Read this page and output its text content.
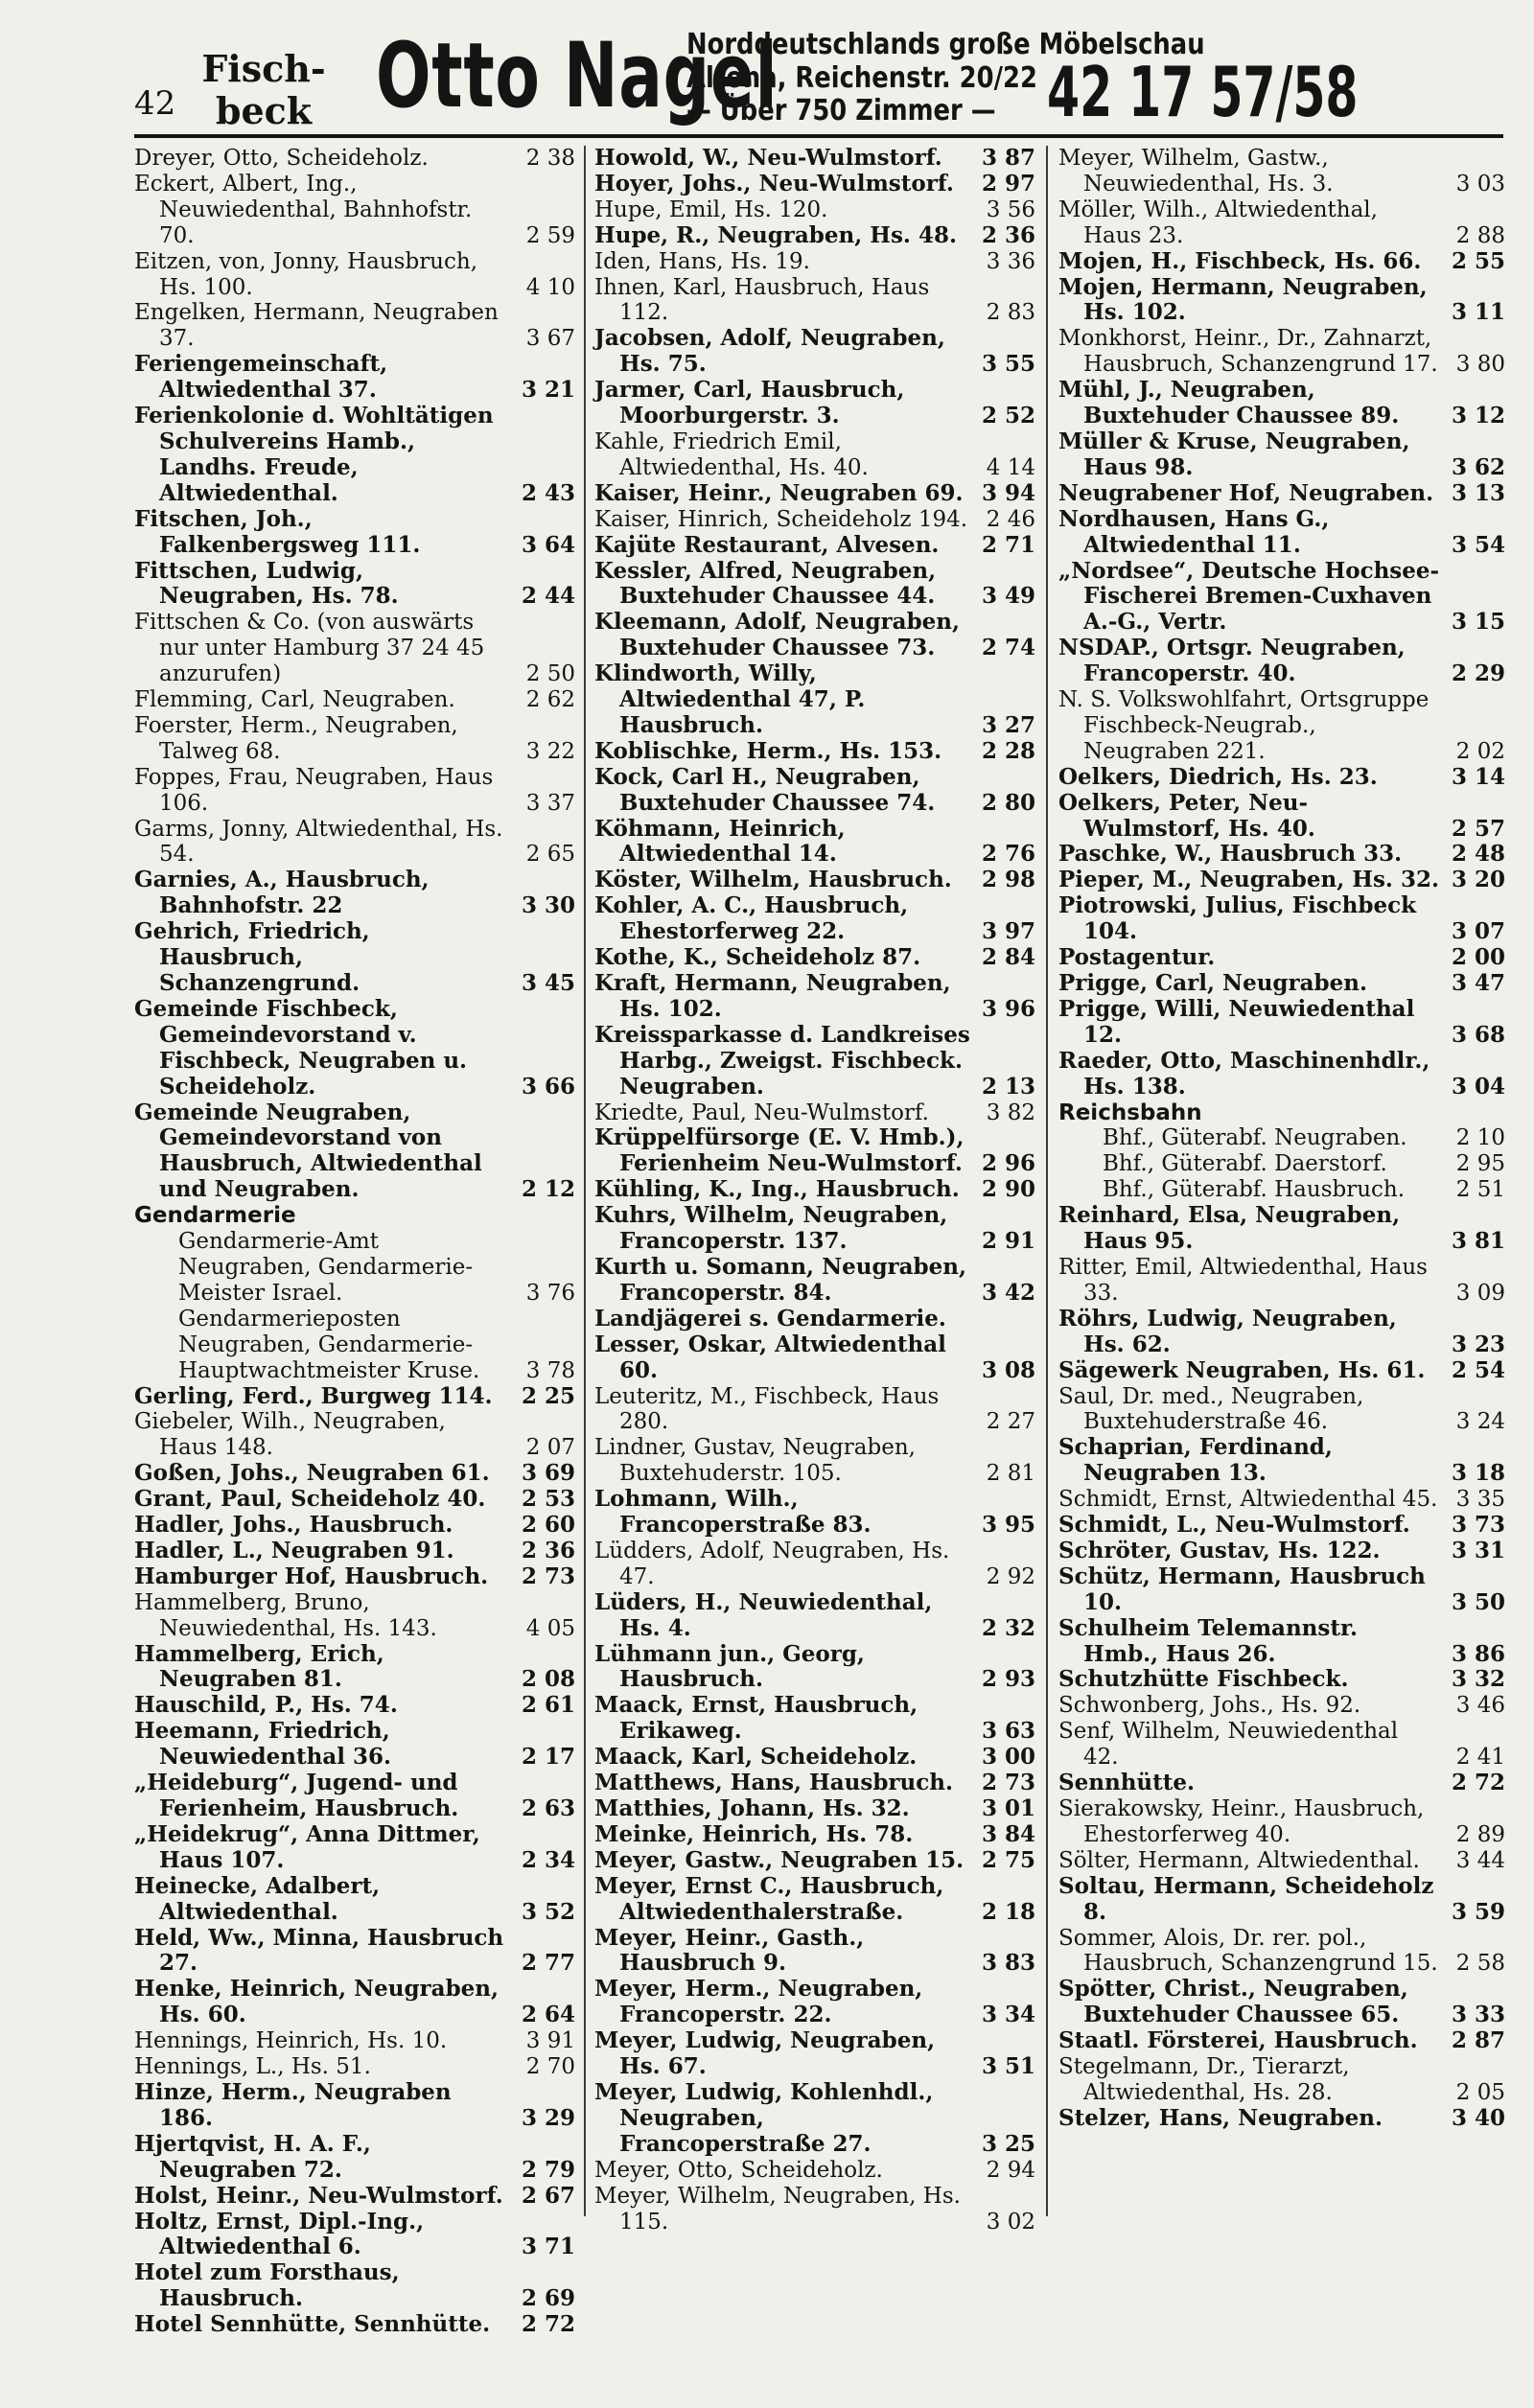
42
Fisch-
beck Otto Nagel
Norddeutschlands große Möbelschau
Altona, Reichenstr. 20/22
— Über 750 Zimmer — 42 17 57/58
Dreyer, Otto, Scheideholz.	2 38
Eckert, Albert, Ing., Neuwiedenthal, Bahnhofstr. 70.	2 59
Eitzen, von, Jonny, Hausbruch, Hs. 100.	4 10
Engelken, Hermann, Neugraben 37.	3 67
Feriengemeinschaft, Altwiedenthal 37.	3 21
Ferienkolonie d. Wohltätigen Schulvereins Hamb., Landhs. Freude, Altwiedenthal.	2 43
Fitschen, Joh., Falkenbergsweg 111.	3 64
Fittschen, Ludwig, Neugraben, Hs. 78.	2 44
Fittschen & Co. (von auswärts nur unter Hamburg 37 24 45 anzurufen)	2 50
Flemming, Carl, Neugraben.	2 62
Foerster, Herm., Neugraben, Talweg 68.	3 22
Foppes, Frau, Neugraben, Haus 106.	3 37
Garms, Jonny, Altwiedenthal, Hs. 54.	2 65
Garnies, A., Hausbruch, Bahnhofstr. 22	3 30
Gehrich, Friedrich, Hausbruch, Schanzengrund.	3 45
Gemeinde Fischbeck, Gemeindevorstand v. Fischbeck, Neugraben u. Scheideholz.	3 66
Gemeinde Neugraben, Gemeindevorstand von Hausbruch, Altwiedenthal und Neugraben.	2 12
Gendarmerie
Gendarmerie-Amt Neugraben, Gendarmerie-Meister Israel.	3 76
Gendarmerieposten Neugraben, Gendarmerie-Hauptwachtmeister Kruse. 3 78
Gerling, Ferd., Burgweg 114. 2 25
Giebeler, Wilh., Neugraben, Haus 148.	2 07
Goßen, Johs., Neugraben 61. 3 69
Grant, Paul, Scheideholz 40. 2 53
Hadler, Johs., Hausbruch.	2 60
Hadler, L., Neugraben 91.	2 36
Hamburger Hof, Hausbruch. 2 73
Hammelberg, Bruno, Neuwiedenthal, Hs. 143.	4 05
Hammelberg, Erich, Neugraben 81.	2 08
Hauschild, P., Hs. 74.	2 61
Heemann, Friedrich, Neuwiedenthal 36.	2 17
„Heideburg“, Jugend- und Ferienheim, Hausbruch.	2 63
„Heidekrug“, Anna Dittmer, Haus 107.	2 34
Heinecke, Adalbert, Altwiedenthal.	3 52
Held, Ww., Minna, Hausbruch 27.	2 77
Henke, Heinrich, Neugraben, Hs. 60.	2 64
Hennings, Heinrich, Hs. 10.	3 91
Hennings, L., Hs. 51.	2 70
Hinze, Herm., Neugraben 186.	3 29
Hjertqvist, H. A. F., Neugraben 72.	2 79
Holst, Heinr., Neu-Wulmstorf. 2 67
Holtz, Ernst, Dipl.-Ing., Altwiedenthal 6.	3 71
Hotel zum Forsthaus, Hausbruch.	2 69
Hotel Sennhütte, Sennhütte. 2 72
Howold, W., Neu-Wulmstorf. 3 87
Hoyer, Johs., Neu-Wulmstorf. 2 97
Hupe, Emil, Hs. 120.	3 56
Hupe, R., Neugraben, Hs. 48. 2 36
Iden, Hans, Hs. 19.	3 36
Ihnen, Karl, Hausbruch, Haus 112.	2 83
Jacobsen, Adolf, Neugraben, Hs. 75.	3 55
Jarmer, Carl, Hausbruch, Moorburgerstr. 3.	2 52
Kahle, Friedrich Emil, Altwiedenthal, Hs. 40.	4 14
Kaiser, Heinr., Neugraben 69. 3 94
Kaiser, Hinrich, Scheideholz 194. 2 46
Kajüte Restaurant, Alvesen. 2 71
Kessler, Alfred, Neugraben, Buxtehuder Chaussee 44. 3 49
Kleemann, Adolf, Neugraben, Buxtehuder Chaussee 73. 2 74
Klindworth, Willy, Altwiedenthal 47, P. Hausbruch.	3 27
Koblischke, Herm., Hs. 153. 2 28
Kock, Carl H., Neugraben, Buxtehuder Chaussee 74. 2 80
Köhmann, Heinrich, Altwiedenthal 14.	2 76
Köster, Wilhelm, Hausbruch. 2 98
Kohler, A. C., Hausbruch, Ehestorferweg 22.	3 97
Kothe, K., Scheideholz 87.	2 84
Kraft, Hermann, Neugraben, Hs. 102.	3 96
Kreissparkasse d. Landkreises Harbg., Zweigst. Fischbeck. Neugraben.	2 13
Kriedte, Paul, Neu-Wulmstorf.	3 82
Krüppelfürsorge (E. V. Hmb.), Ferienheim Neu-Wulmstorf. 2 96
Kühling, K., Ing., Hausbruch. 2 90
Kuhrs, Wilhelm, Neugraben, Francoperstr. 137.	2 91
Kurth u. Somann, Neugraben, Francoperstr. 84.	3 42
Landjägerei s. Gendarmerie.
Lesser, Oskar, Altwiedenthal 60.	3 08
Leuteritz, M., Fischbeck, Haus 280.	2 27
Lindner, Gustav, Neugraben, Buxtehuderstr. 105.	2 81
Lohmann, Wilh., Francoperstraße 83.	3 95
Lüdders, Adolf, Neugraben, Hs. 47.	2 92
Lüders, H., Neuwiedenthal, Hs. 4.	2 32
Lühmann jun., Georg, Hausbruch.	2 93
Maack, Ernst, Hausbruch, Erikaweg.	3 63
Maack, Karl, Scheideholz.	3 00
Matthews, Hans, Hausbruch. 2 73
Matthies, Johann, Hs. 32.	3 01
Meinke, Heinrich, Hs. 78.	3 84
Meyer, Gastw., Neugraben 15. 2 75
Meyer, Ernst C., Hausbruch, Altwiedenthalerstraße.	2 18
Meyer, Heinr., Gasth., Hausbruch 9.	3 83
Meyer, Herm., Neugraben, Francoperstr. 22.	3 34
Meyer, Ludwig, Neugraben, Hs. 67.	3 51
Meyer, Ludwig, Kohlenhdl., Neugraben, Francoperstraße 27.	3 25
Meyer, Otto, Scheideholz.	2 94
Meyer, Wilhelm, Neugraben, Hs. 115.	3 02
Meyer, Wilhelm, Gastw., Neuwiedenthal, Hs. 3.	3 03
Möller, Wilh., Altwiedenthal, Haus 23.	2 88
Mojen, H., Fischbeck, Hs. 66. 2 55
Mojen, Hermann, Neugraben, Hs. 102.	3 11
Monkhorst, Heinr., Dr., Zahnarzt, Hausbruch, Schanzengrund 17. 3 80
Mühl, J., Neugraben, Buxtehuder Chaussee 89. 3 12
Müller & Kruse, Neugraben, Haus 98.	3 62
Neugrabener Hof, Neugraben. 3 13
Nordhausen, Hans G., Altwiedenthal 11.	3 54
„Nordsee“, Deutsche Hochsee-Fischerei Bremen-Cuxhaven A.-G., Vertr.	3 15
NSDAP., Ortsgr. Neugraben, Francoperstr. 40.	2 29
N. S. Volkswohlfahrt, Ortsgruppe Fischbeck-Neugrab., Neugraben 221.	2 02
Oelkers, Diedrich, Hs. 23.	3 14
Oelkers, Peter, Neu-Wulmstorf, Hs. 40.	2 57
Paschke, W., Hausbruch 33. 2 48
Pieper, M., Neugraben, Hs. 32. 3 20
Piotrowski, Julius, Fischbeck 104.	3 07
Postagentur.	2 00
Prigge, Carl, Neugraben.	3 47
Prigge, Willi, Neuwiedenthal 12.	3 68
Raeder, Otto, Maschinenhdlr., Hs. 138.	3 04
Reichsbahn
Bhf., Güterabf. Neugraben. 2 10
Bhf., Güterabf. Daerstorf.	2 95
Bhf., Güterabf. Hausbruch. 2 51
Reinhard, Elsa, Neugraben, Haus 95.	3 81
Ritter, Emil, Altwiedenthal, Haus 33.	3 09
Röhrs, Ludwig, Neugraben, Hs. 62.	3 23
Sägewerk Neugraben, Hs. 61. 2 54
Saul, Dr. med., Neugraben, Buxtehuderstraße 46.	3 24
Schaprian, Ferdinand, Neugraben 13.	3 18
Schmidt, Ernst, Altwiedenthal 45. 3 35
Schmidt, L., Neu-Wulmstorf. 3 73
Schröter, Gustav, Hs. 122.	3 31
Schütz, Hermann, Hausbruch 10.	3 50
Schulheim Telemannstr. Hmb., Haus 26.	3 86
Schutzhütte Fischbeck.	3 32
Schwonberg, Johs., Hs. 92.	3 46
Senf, Wilhelm, Neuwiedenthal 42.	2 41
Sennhütte.	2 72
Sierakowsky, Heinr., Hausbruch, Ehestorferweg 40.	2 89
Sölter, Hermann, Altwiedenthal. 3 44
Soltau, Hermann, Scheideholz 8.	3 59
Sommer, Alois, Dr. rer. pol., Hausbruch, Schanzengrund 15. 2 58
Spötter, Christ., Neugraben, Buxtehuder Chaussee 65. 3 33
Staatl. Försterei, Hausbruch. 2 87
Stegelmann, Dr., Tierarzt, Altwiedenthal, Hs. 28.	2 05
Stelzer, Hans, Neugraben.	3 40
